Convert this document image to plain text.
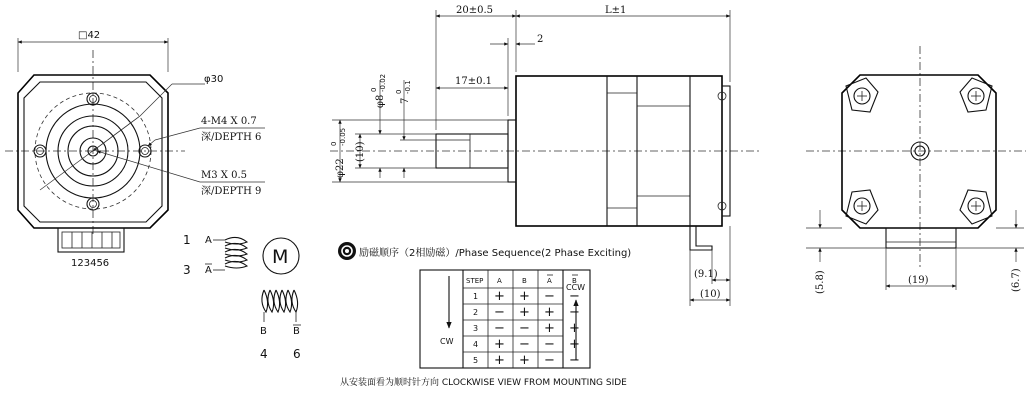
123456
□42
φ30
4-M4 X 0.7
深/DEPTH 6
M3 X 0.5
深/DEPTH 9
1
3
A
A
M
B	B
4 6
20±0.5	L±1
2
17±0.1
φ8
0 -0.02
7
0 -0.1
(10)
φ22
0 -0.05
(9.1)
(10)
(5.8)	(19)	(6.7)
励磁顺序（2相励磁）/Phase Sequence(2 Phase Exciting)
STEP A	B	A	B
1 + + − −
2 − + + −
3 − − + +
4 + − − +
5 + + − −
CW
CCW
从安装面看为顺时针方向 CLOCKWISE VIEW FROM MOUNTING SIDE
